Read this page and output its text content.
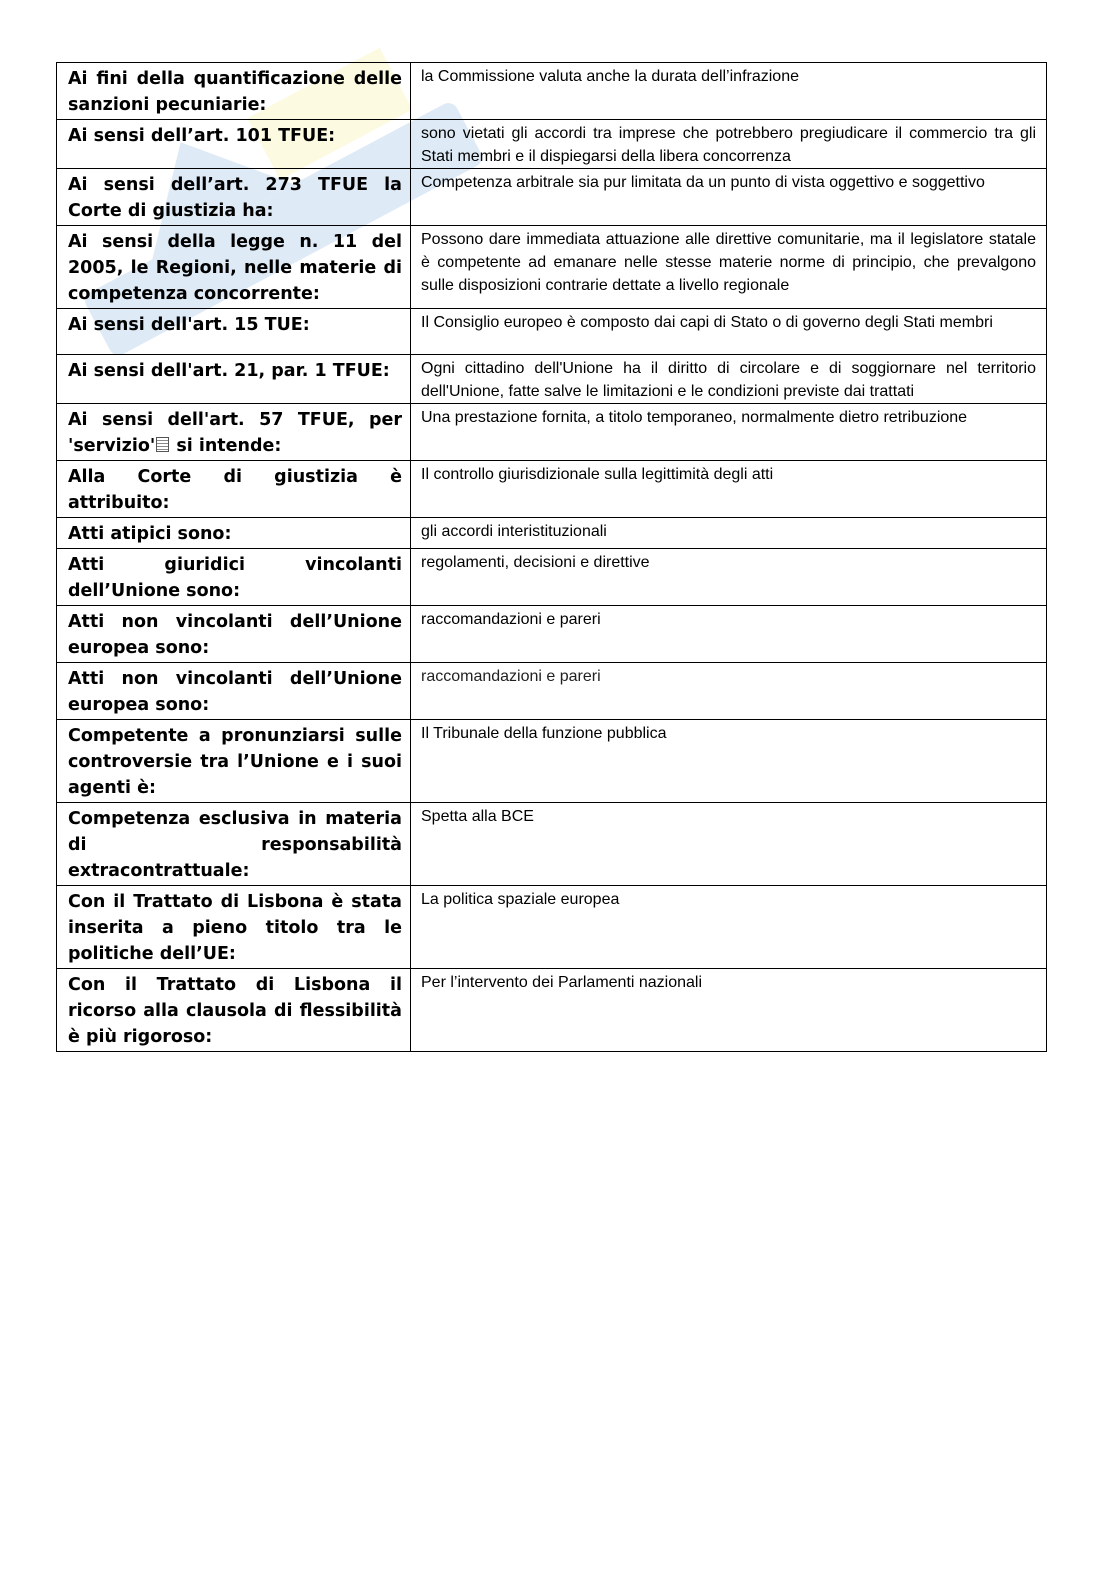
Ai fini della quantificazione delle sanzioni pecuniarie:	la Commissione valuta anche la durata dell’infrazione
Ai sensi dell’art. 101 TFUE:	sono vietati gli accordi tra imprese che potrebbero pregiudicare il commercio tra gli Stati membri e il dispiegarsi della libera concorrenza
Ai sensi dell’art. 273 TFUE la Corte di giustizia ha:	Competenza arbitrale sia pur limitata da un punto di vista oggettivo e soggettivo
Ai sensi della legge n. 11 del 2005, le Regioni, nelle materie di competenza concorrente:	Possono dare immediata attuazione alle direttive comunitarie, ma il legislatore statale è competente ad emanare nelle stesse materie norme di principio, che prevalgono sulle disposizioni contrarie dettate a livello regionale
Ai sensi dell'art. 15 TUE:	Il Consiglio europeo è composto dai capi di Stato o di governo degli Stati membri
Ai sensi dell'art. 21, par. 1 TFUE:	Ogni cittadino dell'Unione ha il diritto di circolare e di soggiornare nel territorio dell'Unione, fatte salve le limitazioni e le condizioni previste dai trattati
Ai sensi dell'art. 57 TFUE, per 'servizio' si intende:	Una prestazione fornita, a titolo temporaneo, normalmente dietro retribuzione
Alla Corte di giustizia è attribuito:	Il controllo giurisdizionale sulla legittimità degli atti
Atti atipici sono:	gli accordi interistituzionali
Atti giuridici vincolanti dell’Unione sono:	regolamenti, decisioni e direttive
Atti non vincolanti dell’Unione europea sono:	raccomandazioni e pareri
Atti non vincolanti dell’Unione europea sono:	raccomandazioni e pareri
Competente a pronunziarsi sulle controversie tra l’Unione e i suoi agenti è:	Il Tribunale della funzione pubblica
Competenza esclusiva in materia di responsabilità extracontrattuale:	Spetta alla BCE
Con il Trattato di Lisbona è stata inserita a pieno titolo tra le politiche dell’UE:	La politica spaziale europea
Con il Trattato di Lisbona il ricorso alla clausola di flessibilità è più rigoroso:	Per l’intervento dei Parlamenti nazionali
